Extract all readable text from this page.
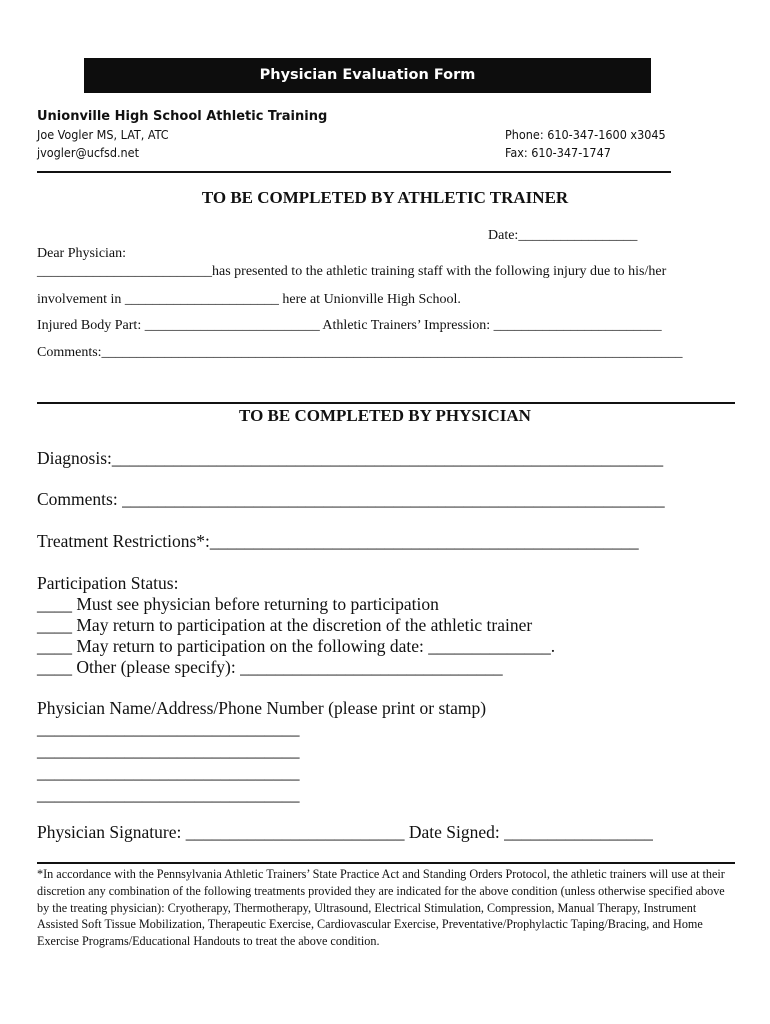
Physician Evaluation Form
Unionville High School Athletic Training
Joe Vogler MS, LAT, ATC
jvogler@ucfsd.net
Phone: 610-347-1600 x3045
Fax: 610-347-1747
TO BE COMPLETED BY ATHLETIC TRAINER
Date:_________________
Dear Physician:
_________________________has presented to the athletic training staff with the following injury due to his/her
involvement in ______________________ here at Unionville High School.
Injured Body Part: _________________________ Athletic Trainers’ Impression: ________________________
Comments:___________________________________________________________________________________
TO BE COMPLETED BY PHYSICIAN
Diagnosis:_______________________________________________________________
Comments: ______________________________________________________________
Treatment Restrictions*:_________________________________________________
Participation Status:
____ Must see physician before returning to participation
____ May return to participation at the discretion of the athletic trainer
____ May return to participation on the following date: ______________.
____ Other (please specify): ______________________________
Physician Name/Address/Phone Number (please print or stamp)
______________________________
______________________________
______________________________
______________________________
Physician Signature: _________________________ Date Signed: _________________
*In accordance with the Pennsylvania Athletic Trainers’ State Practice Act and Standing Orders Protocol, the athletic trainers will use at their discretion any combination of the following treatments provided they are indicated for the above condition (unless otherwise specified above by the treating physician): Cryotherapy, Thermotherapy, Ultrasound, Electrical Stimulation, Compression, Manual Therapy, Instrument Assisted Soft Tissue Mobilization, Therapeutic Exercise, Cardiovascular Exercise, Preventative/Prophylactic Taping/Bracing, and Home Exercise Programs/Educational Handouts to treat the above condition.
